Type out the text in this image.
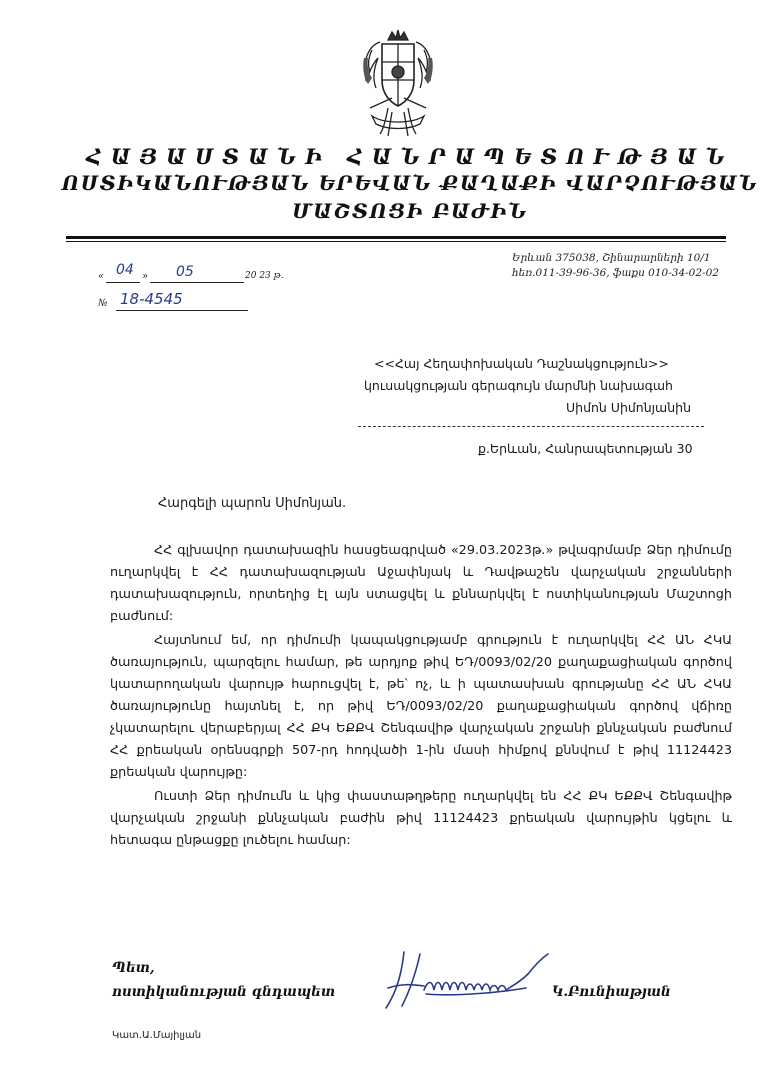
ՀԱՅԱՍՏԱՆԻ ՀԱՆՐԱՊԵՏՈՒԹՅԱՆ
ՈՍՏԻԿԱՆՈՒԹՅԱՆ ԵՐԵՎԱՆ ՔԱՂԱՔԻ ՎԱՐՉՈՒԹՅԱՆ
ՄԱՇՏՈՑԻ ԲԱԺԻՆ
Երևան 375038, Շինարարների 10/1
հեռ.011-39-96-36, ֆաքս 010-34-02-02
« 04 » 05	20 23 թ.
№ 18-4545
<<Հայ Հեղափոխական Դաշնակցություն>>
կուսակցության գերագույն մարմնի նախագահ
Սիմոն Սիմոնյանին
ք.Երևան, Հանրապետության 30
Հարգելի պարոն Սիմոնյան.

ՀՀ գլխավոր դատախազին հասցեագրված «29.03.2023թ.» թվագրմամբ Ձեր դիմումը ուղարկվել է ՀՀ դատախազության Աջափնյակ և Դավթաշեն վարչական շրջանների դատախազություն, որտեղից էլ այն ստացվել և քննարկվել է ոստիկանության Մաշտոցի բաժնում:

Հայտնում եմ, որ դիմումի կապակցությամբ գրություն է ուղարկվել ՀՀ ԱՆ ՀԿԱ ծառայություն, պարզելու համար, թե արդյոք թիվ ԵԴ/0093/02/20 քաղաքացիական գործով կատարողական վարույթ հարուցվել է, թե՝ ոչ, և ի պատասխան գրությանը ՀՀ ԱՆ ՀԿԱ ծառայությունը հայտնել է, որ թիվ ԵԴ/0093/02/20 քաղաքացիական գործով վճիռը չկատարելու վերաբերյալ ՀՀ ՔԿ ԵՔՔՎ Շենգավիթ վարչական շրջանի քննչական բաժնում ՀՀ քրեական օրենսգրքի 507-րդ հոդվածի 1-ին մասի հիմքով քննվում է թիվ 11124423 քրեական վարույթը:

Ուստի Ձեր դիմումն և կից փաստաթղթերը ուղարկվել են ՀՀ ՔԿ ԵՔՔՎ Շենգավիթ վարչական շրջանի քննչական բաժին թիվ 11124423 քրեական վարույթին կցելու և հետագա ընթացքը լուծելու համար:

Պետ,
ոստիկանության գնդապետ	Կ.Բունիաթյան
Կատ.Ա.Մայիլյան
